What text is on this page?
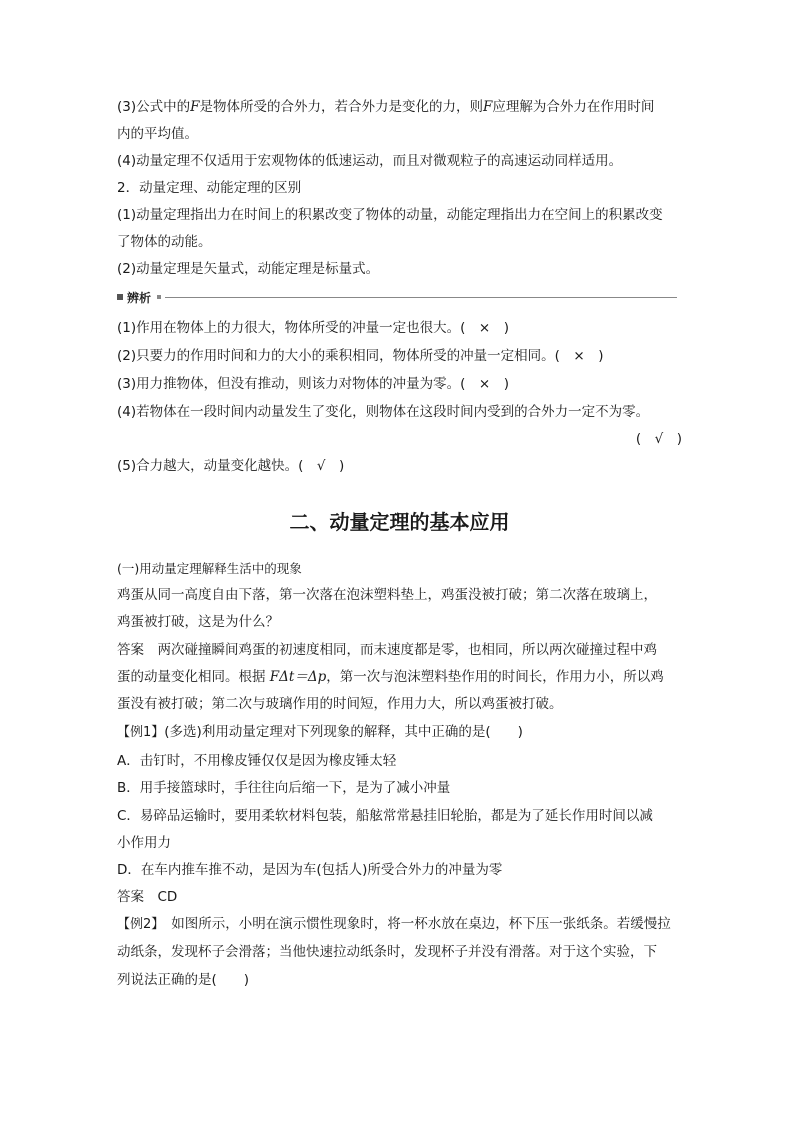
(3)公式中的F是物体所受的合外力，若合外力是变化的力，则F应理解为合外力在作用时间
内的平均值。
(4)动量定理不仅适用于宏观物体的低速运动，而且对微观粒子的高速运动同样适用。
2．动量定理、动能定理的区别
(1)动量定理指出力在时间上的积累改变了物体的动量，动能定理指出力在空间上的积累改变
了物体的动能。
(2)动量定理是矢量式，动能定理是标量式。
辨析
(1)作用在物体上的力很大，物体所受的冲量一定也很大。(　×　)
(2)只要力的作用时间和力的大小的乘积相同，物体所受的冲量一定相同。(　×　)
(3)用力推物体，但没有推动，则该力对物体的冲量为零。(　×　)
(4)若物体在一段时间内动量发生了变化，则物体在这段时间内受到的合外力一定不为零。
(　√　)
(5)合力越大，动量变化越快。(　√　)
二、动量定理的基本应用
(一)用动量定理解释生活中的现象
鸡蛋从同一高度自由下落，第一次落在泡沫塑料垫上，鸡蛋没被打破；第二次落在玻璃上，
鸡蛋被打破，这是为什么？
答案　 两次碰撞瞬间鸡蛋的初速度相同，而末速度都是零，也相同，所以两次碰撞过程中鸡
蛋的动量变化相同。根据 FΔt＝Δp，第一次与泡沫塑料垫作用的时间长，作用力小，所以鸡
蛋没有被打破；第二次与玻璃作用的时间短，作用力大，所以鸡蛋被打破。
【例1】(多选)利用动量定理对下列现象的解释，其中正确的是(　　)
A．击钉时，不用橡皮锤仅仅是因为橡皮锤太轻
B．用手接篮球时，手往往向后缩一下，是为了减小冲量
C．易碎品运输时，要用柔软材料包装，船舷常常悬挂旧轮胎，都是为了延长作用时间以减
小作用力
D．在车内推车推不动，是因为车(包括人)所受合外力的冲量为零
答案　 CD
【例2】　 如图所示，小明在演示惯性现象时，将一杯水放在桌边，杯下压一张纸条。若缓慢拉
动纸条，发现杯子会滑落；当他快速拉动纸条时，发现杯子并没有滑落。对于这个实验，下
列说法正确的是(　　)
